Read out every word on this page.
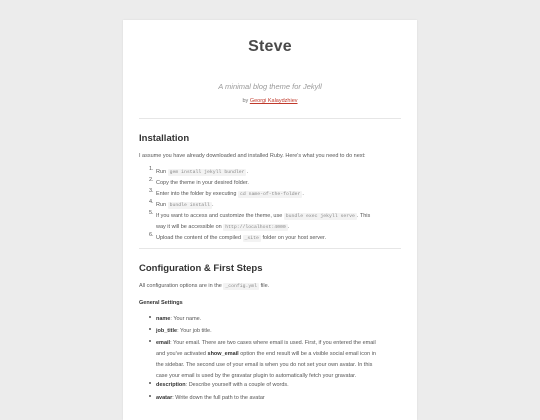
Steve
A minimal blog theme for Jekyll
by Georgi Kalaydzhiev
Installation

I assume you have already downloaded and installed Ruby. Here's what you need to do next:

1. Run gem install jekyll bundler .
2. Copy the theme in your desired folder.
3. Enter into the folder by executing cd name-of-the-folder .
4. Run bundle install .
5. If you want to access and customize the theme, use bundle exec jekyll serve . This
way it will be accessible on http://localhost:4000 .
6. Upload the content of the compiled _site folder on your host server.
Configuration & First Steps

All configuration options are in the _config.yml file.

General Settings
name: Your name.
job_title: Your job title.
email: Your email. There are two cases where email is used. First, if you entered the email
and you've activated show_email option the end result will be a visible social email icon in
the sidebar. The second use of your email is when you do not set your own avatar. In this
case your email is used by the gravatar plugin to automatically fetch your gravatar.
description: Describe yourself with a couple of words.
avatar: Write down the full path to the avatar
